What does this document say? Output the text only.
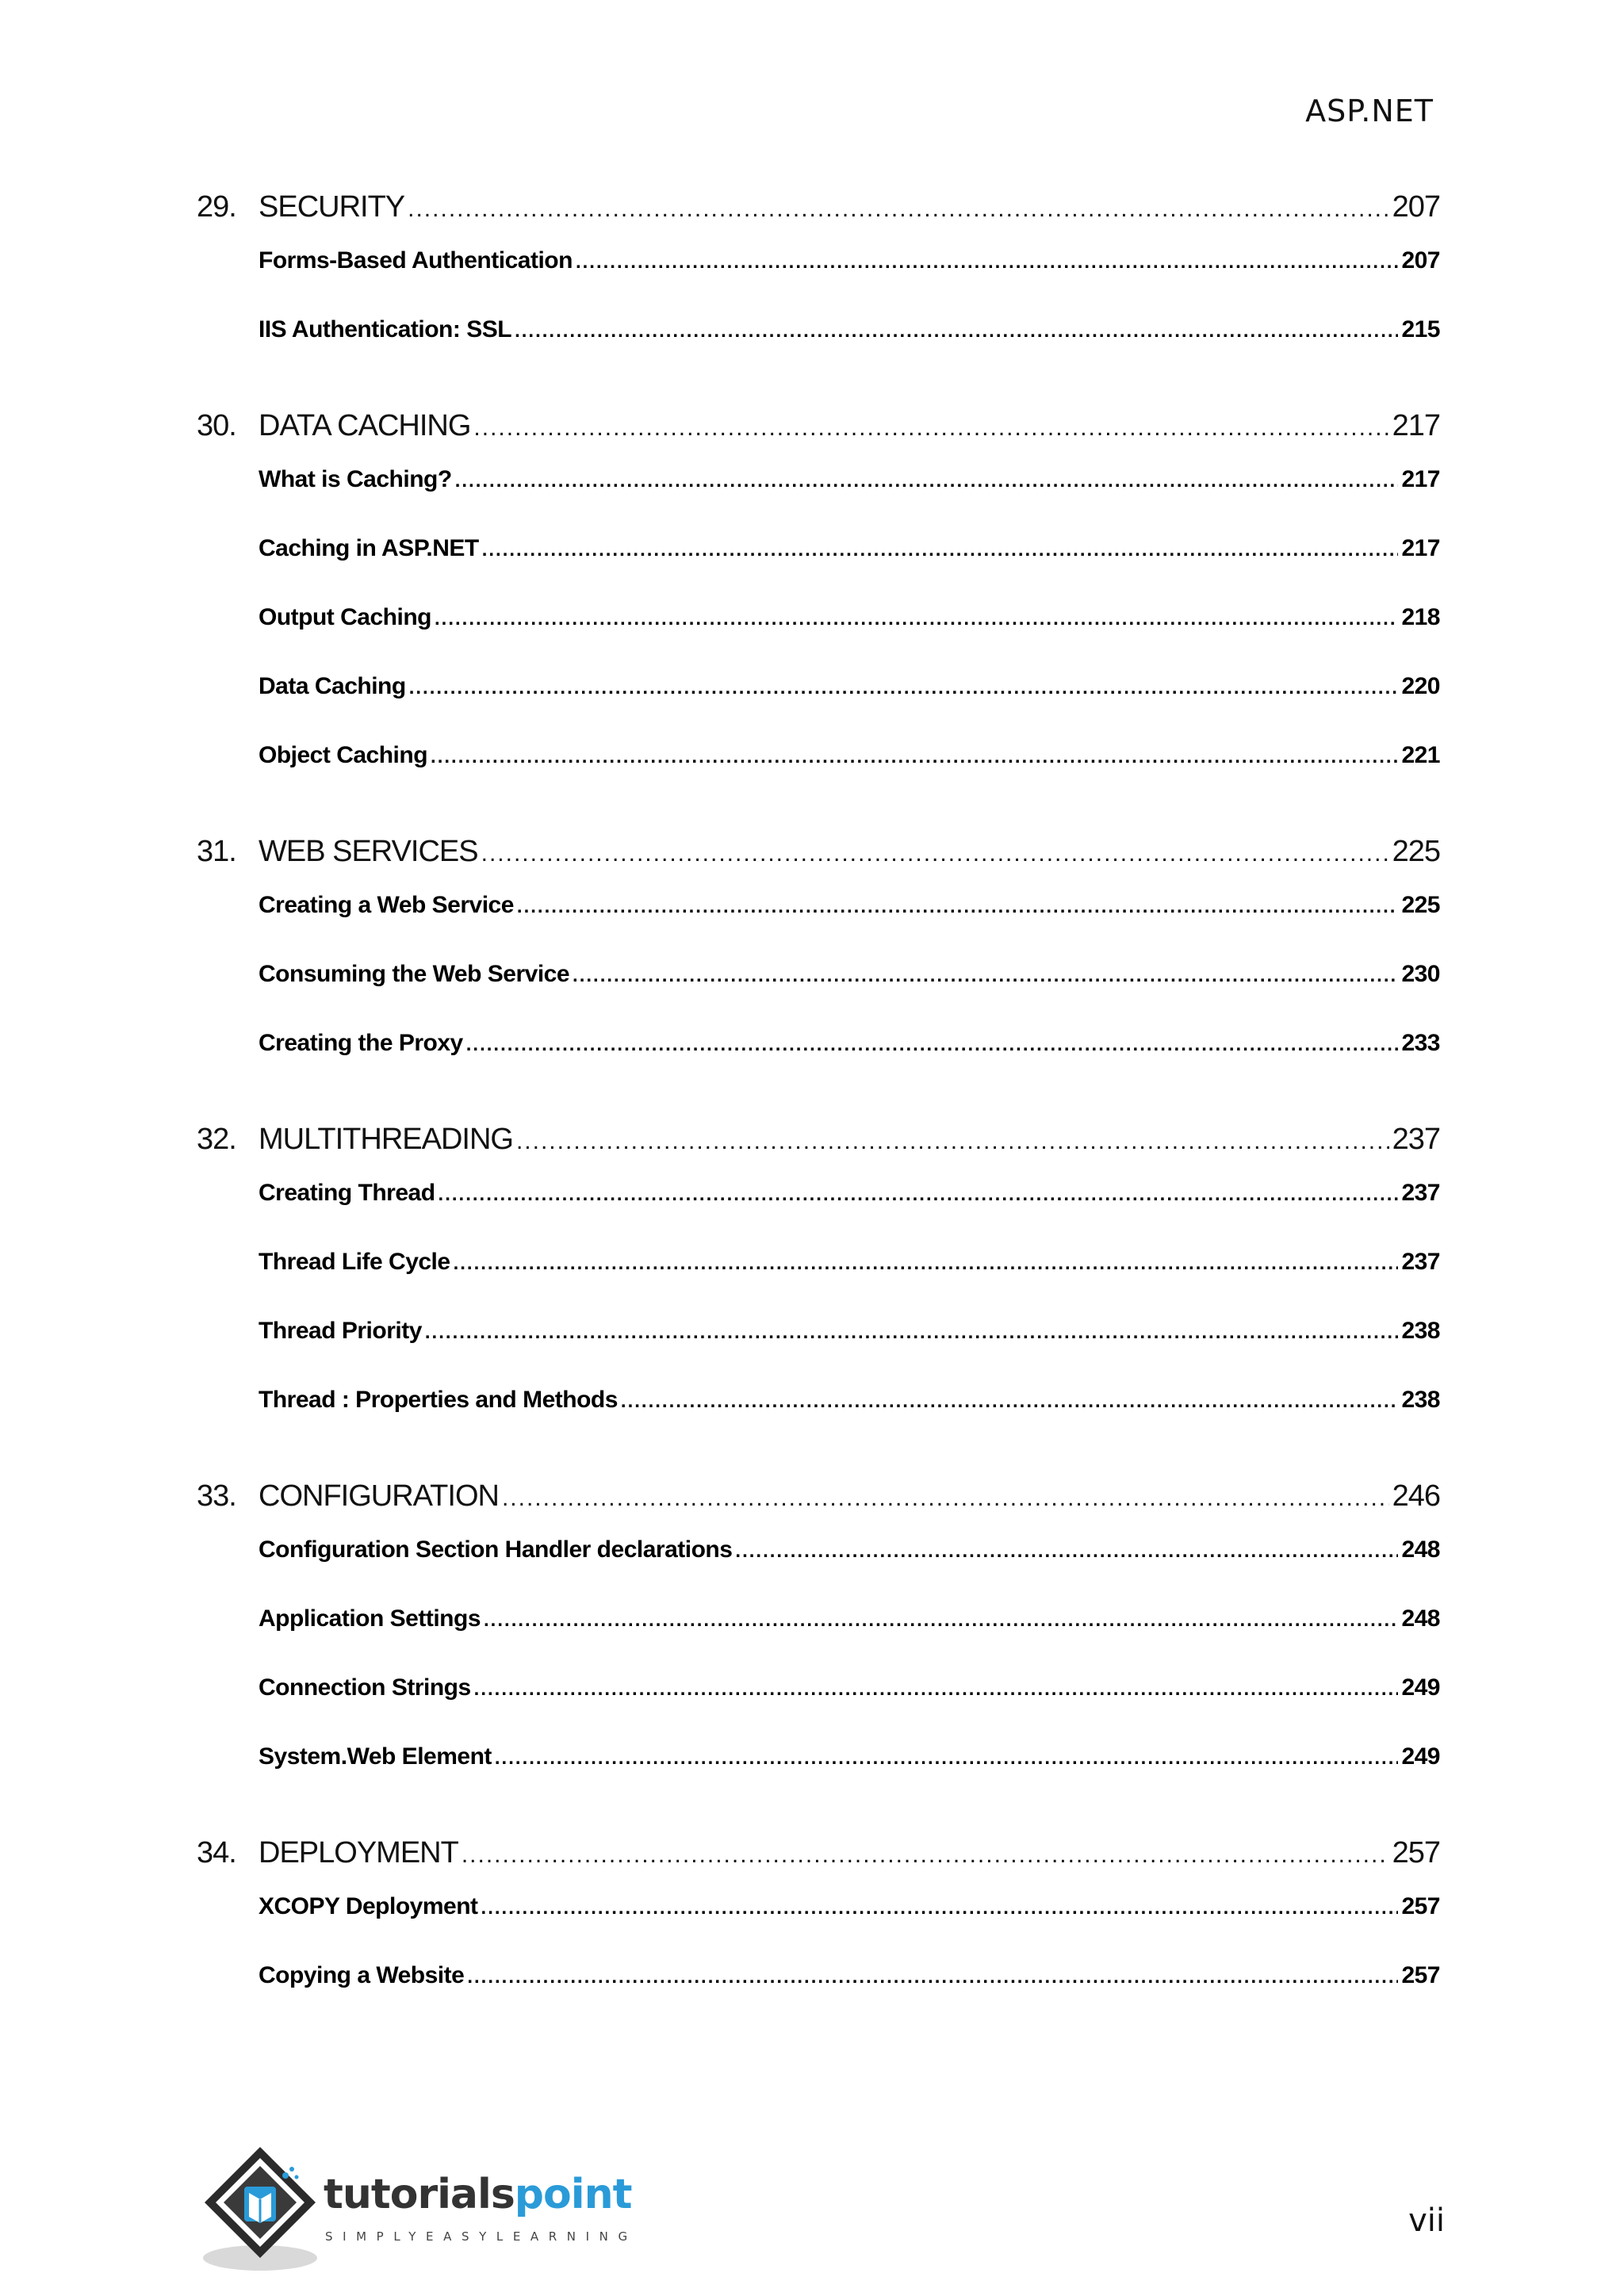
ASP.NET
29. SECURITY .....	207
Forms-Based Authentication .....	207
IIS Authentication: SSL .....	215
30. DATA CACHING .....	217
What is Caching? .....	217
Caching in ASP.NET .....	217
Output Caching .....	218
Data Caching .....	220
Object Caching .....	221
31. WEB SERVICES .....	225
Creating a Web Service .....	225
Consuming the Web Service .....	230
Creating the Proxy .....	233
32. MULTITHREADING .....	237
Creating Thread .....	237
Thread Life Cycle .....	237
Thread Priority .....	238
Thread : Properties and Methods .....	238
33. CONFIGURATION .....	246
Configuration Section Handler declarations .....	248
Application Settings .....	248
Connection Strings .....	249
System.Web Element .....	249
34. DEPLOYMENT .....	257
XCOPY Deployment .....	257
Copying a Website .....	257
tutorialspoint
SIMPLYEASYLEARNING	vii
